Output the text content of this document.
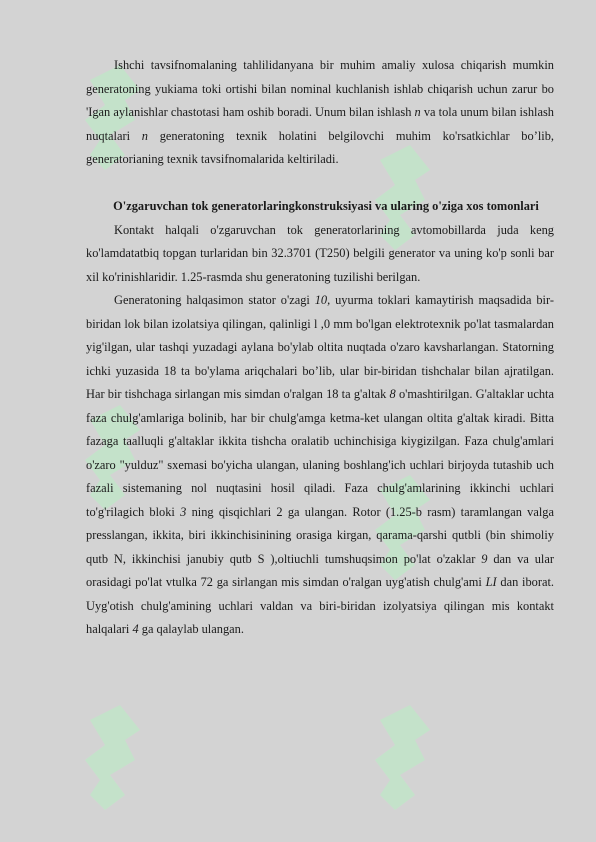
Ishchi tavsifnomalaning tahlilidanyana bir muhim amaliy xulosa chiqarish mumkin generatoning yukiama toki ortishi bilan nominal kuchlanish ishlab chiqarish uchun zarur bo 'Igan aylanishlar chastotasi ham oshib boradi. Unum bilan ishlash n va tola unum bilan ishlash nuqtalari n generatoning texnik holatini belgilovchi muhim ko'rsatkichlar bo’lib, generatorianing texnik tavsifnomalarida keltiriladi.

O'zgaruvchan tok generatorlaringkonstruksiyasi va ularing o'ziga xos tomonlari

Kontakt halqali o'zgaruvchan tok generatorlarining avtomobillarda juda keng ko'lamdatatbiq topgan turlaridan bin 32.3701 (T250) belgili generator va uning ko'p sonli bar xil ko'rinishlaridir. 1.25-rasmda shu generatoning tuzilishi berilgan.

Generatoning halqasimon stator o'zagi 10, uyurma toklari kamaytirish maqsadida bir-biridan lok bilan izolatsiya qilingan, qalinligi l ,0 mm bo'lgan elektrotexnik po'lat tasmalardan yig'ilgan, ular tashqi yuzadagi aylana bo'ylab oltita nuqtada o'zaro kavsharlangan. Statorning ichki yuzasida 18 ta bo'ylama ariqchalari bo’lib, ular bir-biridan tishchalar bilan ajratilgan. Har bir tishchaga sirlangan mis simdan o'ralgan 18 ta g'altak 8 o'mashtirilgan. G'altaklar uchta faza chulg'amlariga bolinib, har bir chulg'amga ketma-ket ulangan oltita g'altak kiradi. Bitta fazaga taalluqli g'altaklar ikkita tishcha oralatib uchinchisiga kiygizilgan. Faza chulg'amlari o'zaro "yulduz" sxemasi bo'yicha ulangan, ulaning boshlang'ich uchlari birjoyda tutashib uch fazali sistemaning nol nuqtasini hosil qiladi. Faza chulg'amlarining ikkinchi uchlari to'g'rilagich bloki 3 ning qisqichlari 2 ga ulangan. Rotor (1.25-b rasm) taramlangan valga presslangan, ikkita, biri ikkinchisinining orasiga kirgan, qarama-qarshi qutbli (bin shimoliy qutb N, ikkinchisi janubiy qutb S ),oltiuchli tumshuqsimon po'lat o'zaklar 9 dan va ular orasidagi po'lat vtulka 72 ga sirlangan mis simdan o'ralgan uyg'atish chulg'ami LI dan iborat. Uyg'otish chulg'amining uchlari valdan va biri-biridan izolyatsiya qilingan mis kontakt halqalari 4 ga qalaylab ulangan.
